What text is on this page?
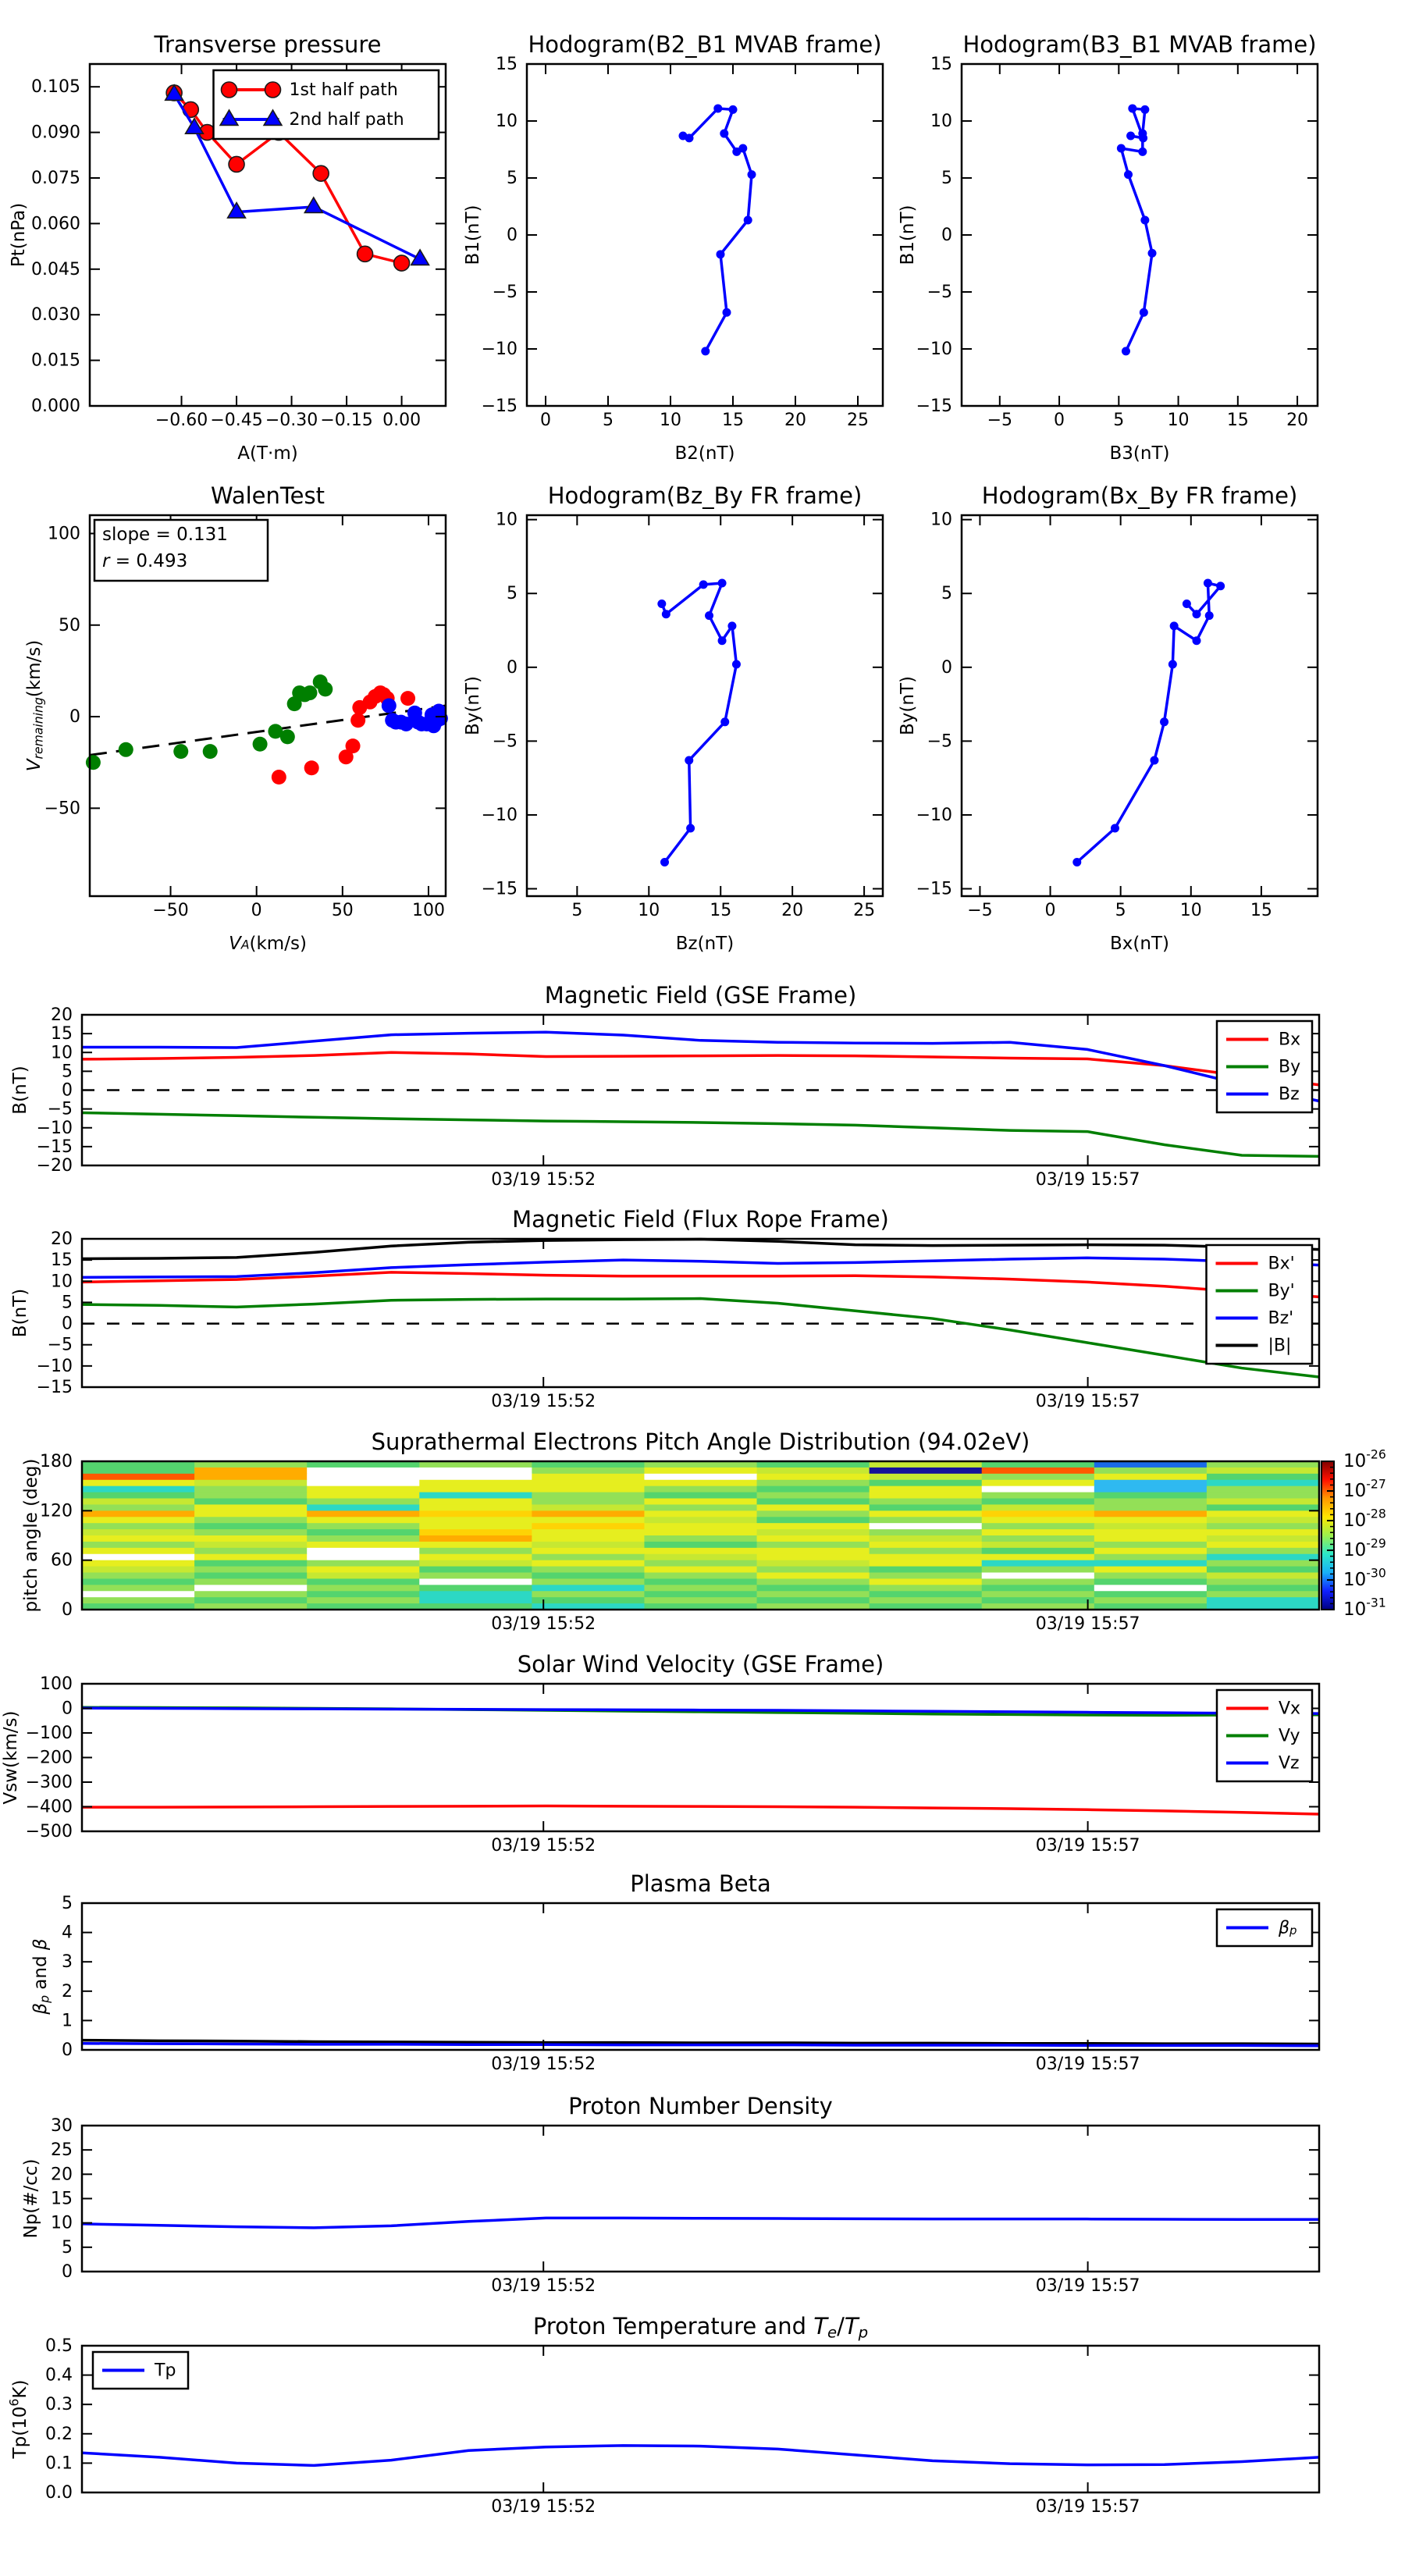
−0.60 −0.45 −0.30 −0.15 0.00
0.000
0.015
0.030
0.045
0.060
0.075
0.090
0.105
Transverse pressure
A(T·m)
Pt(nPa)
1st half path
2nd half path
0	5	10 15 20 25
−15
−10
−5
0
5
10
15
Hodogram(B2_B1 MVAB frame)
B2(nT)
B1(nT)
−5 0	5	10 15 20
−15
−10
−5
0
5
10
15
Hodogram(B3_B1 MVAB frame)
B3(nT)
B1(nT)
−50	0	50	100
−50
0
50
100
WalenTest
VA(km/s)
Vremaining(km/s)
slope = 0.131
r = 0.493
5	10	15	20	25
−15
−10
−5
0
5
10
Hodogram(Bz_By FR frame)
Bz(nT)
By(nT)
−5	0	5	10	15
−15
−10
−5
0
5
10
Hodogram(Bx_By FR frame)
Bx(nT)
By(nT)
03/19 15:52	03/19 15:57
−20
−15
−10
−5
0
5
10
15
20
Magnetic Field (GSE Frame)
B(nT)
Bx
By
Bz
03/19 15:52	03/19 15:57
−15
−10
−5
0
5
10
15
20
Magnetic Field (Flux Rope Frame)
B(nT)
Bx'
By'
Bz'
|B|
03/19 15:52	03/19 15:57
0
60
120
180
Suprathermal Electrons Pitch Angle Distribution (94.02eV)
pitch angle (deg)	$10^{-26}$
$10^{-27}$
$10^{-28}$
$10^{-29}$
$10^{-30}$
$10^{-31}$
03/19 15:52	03/19 15:57
−500
−400
−300
−200
−100
0
100
Solar Wind Velocity (GSE Frame)
Vsw(km/s)
Vx
Vy
Vz
03/19 15:52	03/19 15:57
0
1
2
3
4
5
Plasma Beta
βp and β
βp
03/19 15:52	03/19 15:57
0
5
10
15
20
25
30
Proton Number Density
Np(#/cc)
03/19 15:52	03/19 15:57
0.0
0.1
0.2
0.3
0.4
0.5
Proton Temperature and Te/Tp
$Tp(10^6K)$
Tp
